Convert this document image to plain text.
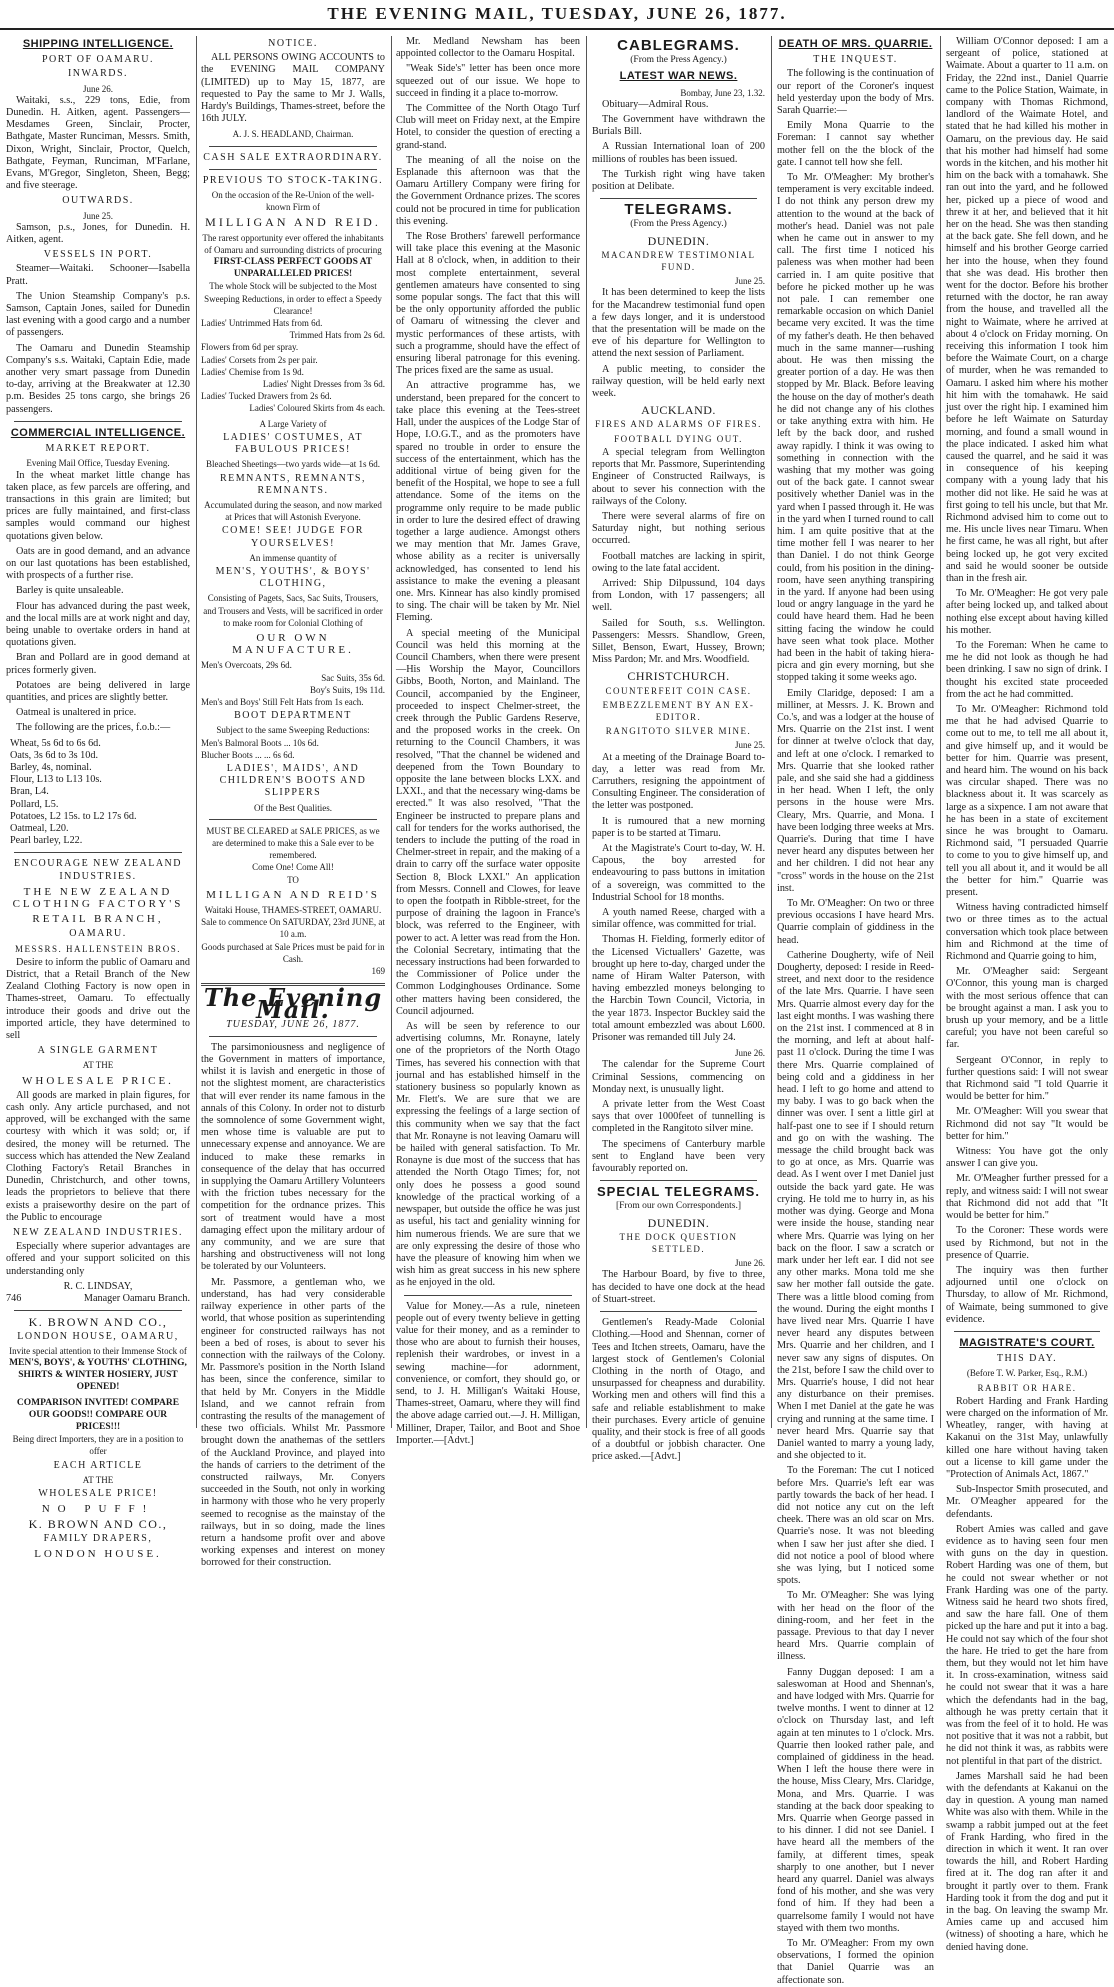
THE EVENING MAIL, TUESDAY, JUNE 26, 1877.
SHIPPING INTELLIGENCE.
PORT OF OAMARU.
INWARDS.
June 26.

Waitaki, s.s., 229 tons, Edie, from Dunedin. H. Aitken, agent. Passengers—Mesdames Green, Sinclair, Procter, Bathgate, Master Runciman, Messrs. Smith, Dixon, Wright, Sinclair, Proctor, Quelch, Bathgate, Feyman, Runciman, M'Farlane, Evans, M'Gregor, Singleton, Sheen, Begg; and five steerage.

OUTWARDS.
June 25.

Samson, p.s., Jones, for Dunedin. H. Aitken, agent.

VESSELS IN PORT.

Steamer—Waitaki. Schooner—Isabella Pratt.

The Union Steamship Company's p.s. Samson, Captain Jones, sailed for Dunedin last evening with a good cargo and a number of passengers.

The Oamaru and Dunedin Steamship Company's s.s. Waitaki, Captain Edie, made another very smart passage from Dunedin to-day, arriving at the Breakwater at 12.30 p.m. Besides 25 tons cargo, she brings 26 passengers.

COMMERCIAL INTELLIGENCE.
MARKET REPORT.
Evening Mail Office, Tuesday Evening.

In the wheat market little change has taken place, as few parcels are offering, and transactions in this grain are limited; but prices are fully maintained, and first-class samples would command our highest quotations given below.

Oats are in good demand, and an advance on our last quotations has been established, with prospects of a further rise.

Barley is quite unsaleable.

Flour has advanced during the past week, and the local mills are at work night and day, being unable to overtake orders in hand at quotations given.

Bran and Pollard are in good demand at prices formerly given.

Potatoes are being delivered in large quantities, and prices are slightly better.

Oatmeal is unaltered in price.

The following are the prices, f.o.b.:—

Wheat, 5s 6d to 6s 6d.
Oats, 3s 6d to 3s 10d.
Barley, 4s, nominal.
Flour, L13 to L13 10s.
Bran, L4.
Pollard, L5.
Potatoes, L2 15s. to L2 17s 6d.
Oatmeal, L20.
Pearl barley, L22.
ENCOURAGE NEW ZEALAND INDUSTRIES.
THE NEW ZEALAND CLOTHING FACTORY'S
RETAIL BRANCH,
OAMARU.
MESSRS. HALLENSTEIN BROS.

Desire to inform the public of Oamaru and District, that a Retail Branch of the New Zealand Clothing Factory is now open in Thames-street, Oamaru. To effectually introduce their goods and drive out the imported article, they have determined to sell

A SINGLE GARMENT
AT THE
WHOLESALE PRICE.

All goods are marked in plain figures, for cash only. Any article purchased, and not approved, will be exchanged with the same courtesy with which it was sold; or, if desired, the money will be returned. The success which has attended the New Zealand Clothing Factory's Retail Branches in Dunedin, Christchurch, and other towns, leads the proprietors to believe that there exists a praiseworthy desire on the part of the Public to encourage

NEW ZEALAND INDUSTRIES.

Especially where superior advantages are offered and your support solicited on this understanding only

R. C. LINDSAY,
746	Manager Oamaru Branch.
K. BROWN AND CO.,
LONDON HOUSE, OAMARU,
Invite special attention to their Immense Stock of
MEN'S, BOYS', & YOUTHS' CLOTHING, SHIRTS & WINTER HOSIERY, JUST OPENED!
COMPARISON INVITED! COMPARE OUR GOODS!! COMPARE OUR PRICES!!!
Being direct Importers, they are in a position to offer
EACH ARTICLE
AT THE
WHOLESALE PRICE!
NO PUFF!
K. BROWN AND CO.,
FAMILY DRAPERS,
LONDON HOUSE.
NOTICE.

ALL PERSONS OWING ACCOUNTS to the EVENING MAIL COMPANY (LIMITED) up to May 15, 1877, are requested to Pay the same to Mr J. Walls, Hardy's Buildings, Thames-street, before the 16th JULY.

A. J. S. HEADLAND, Chairman.
CASH SALE EXTRAORDINARY.
PREVIOUS TO STOCK-TAKING.
On the occasion of the Re-Union of the well-known Firm of
MILLIGAN AND REID.
The rarest opportunity ever offered the inhabitants of Oamaru and surrounding districts of procuring
FIRST-CLASS PERFECT GOODS AT UNPARALLELED PRICES!
The whole Stock will be subjected to the Most Sweeping Reductions, in order to effect a Speedy Clearance!
Ladies' Untrimmed Hats from 6d.
Trimmed Hats from 2s 6d.
Flowers from 6d per spray.
Ladies' Corsets from 2s per pair.
Ladies' Chemise from 1s 9d.
Ladies' Night Dresses from 3s 6d.
Ladies' Tucked Drawers from 2s 6d.
Ladies' Coloured Skirts from 4s each.
A Large Variety of
LADIES' COSTUMES, AT FABULOUS PRICES!
Bleached Sheetings—two yards wide—at 1s 6d.
REMNANTS, REMNANTS, REMNANTS.
Accumulated during the season, and now marked at Prices that will Astonish Everyone.
COME! SEE! JUDGE FOR YOURSELVES!
An immense quantity of
MEN'S, YOUTHS', & BOYS' CLOTHING,
Consisting of Pagets, Sacs, Sac Suits, Trousers, and Trousers and Vests, will be sacrificed in order to make room for Colonial Clothing of
OUR OWN MANUFACTURE.
Men's Overcoats, 29s 6d.
Sac Suits, 35s 6d.
Boy's Suits, 19s 11d.
Men's and Boys' Still Felt Hats from 1s each.
BOOT DEPARTMENT
Subject to the same Sweeping Reductions:
Men's Balmoral Boots ... 10s 6d.
Blucher Boots ... ... 6s 6d.
LADIES', MAIDS', AND CHILDREN'S BOOTS AND SLIPPERS
Of the Best Qualities.
MUST BE CLEARED at SALE PRICES, as we are determined to make this a Sale ever to be remembered.
Come One! Come All!
TO
MILLIGAN AND REID'S
Waitaki House, THAMES-STREET, OAMARU.
Sale to commence On SATURDAY, 23rd JUNE, at 10 a.m.
Goods purchased at Sale Prices must be paid for in Cash.
169
The Evening Mail.
TUESDAY, JUNE 26, 1877.

The parsimoniousness and negligence of the Government in matters of importance, whilst it is lavish and energetic in those of not the slightest moment, are characteristics that will ever render its name famous in the annals of this Colony. In order not to disturb the somnolence of some Government wight, men whose time is valuable are put to unnecessary expense and annoyance. We are induced to make these remarks in consequence of the delay that has occurred in supplying the Oamaru Artillery Volunteers with the friction tubes necessary for the competition for the ordnance prizes. This sort of treatment would have a most damaging effect upon the military ardour of any community, and we are sure that harshing and obstructiveness will not long be tolerated by our Volunteers.

Mr. Passmore, a gentleman who, we understand, has had very considerable railway experience in other parts of the world, that whose position as superintending engineer for constructed railways has not been a bed of roses, is about to sever his connection with the railways of the Colony. Mr. Passmore's position in the North Island has been, since the conference, similar to that held by Mr. Conyers in the Middle Island, and we cannot refrain from contrasting the results of the management of these two officials. Whilst Mr. Passmore brought down the anathemas of the settlers of the Auckland Province, and played into the hands of carriers to the detriment of the constructed railways, Mr. Conyers succeeded in the South, not only in working in harmony with those who he very properly seemed to recognise as the mainstay of the railways, but in so doing, made the lines return a handsome profit over and above working expenses and interest on money borrowed for their construction.

Mr. Medland Newsham has been appointed collector to the Oamaru Hospital.

"Weak Side's" letter has been once more squeezed out of our issue. We hope to succeed in finding it a place to-morrow.

The Committee of the North Otago Turf Club will meet on Friday next, at the Empire Hotel, to consider the question of erecting a grand-stand.

The meaning of all the noise on the Esplanade this afternoon was that the Oamaru Artillery Company were firing for the Government Ordnance prizes. The scores could not be procured in time for publication this evening.

The Rose Brothers' farewell performance will take place this evening at the Masonic Hall at 8 o'clock, when, in addition to their most complete entertainment, several gentlemen amateurs have consented to sing some popular songs. The fact that this will be the only opportunity afforded the public of Oamaru of witnessing the clever and mystic performances of these artists, with such a programme, should have the effect of ensuring liberal patronage for this evening. The prices fixed are the same as usual.

An attractive programme has, we understand, been prepared for the concert to take place this evening at the Tees-street Hall, under the auspices of the Lodge Star of Hope, I.O.G.T., and as the promoters have spared no trouble in order to ensure the success of the entertainment, which has the additional virtue of being given for the benefit of the Hospital, we hope to see a full attendance. Some of the items on the programme only require to be made public in order to lure the desired effect of drawing together a large audience. Amongst others we may mention that Mr. James Grave, whose ability as a reciter is universally acknowledged, has consented to lend his assistance to make the evening a pleasant one. Mrs. Kinnear has also kindly promised to sing. The chair will be taken by Mr. Niel Fleming.

A special meeting of the Municipal Council was held this morning at the Council Chambers, when there were present—His Worship the Mayor, Councillors Gibbs, Booth, Norton, and Mainland. The Council, accompanied by the Engineer, proceeded to inspect Chelmer-street, the creek through the Public Gardens Reserve, and the proposed works in the creek. On returning to the Council Chambers, it was resolved, "That the channel be widened and deepened from the Town Boundary to opposite the lane between blocks LXX. and LXXI., and that the necessary wing-dams be erected." It was also resolved, "That the Engineer be instructed to prepare plans and call for tenders for the works authorised, the tenders to include the putting of the road in Chelmer-street in repair, and the making of a drain to carry off the surface water opposite Section 8, Block LXXI." An application from Messrs. Connell and Clowes, for leave to open the footpath in Ribble-street, for the purpose of draining the lagoon in France's block, was referred to the Engineer, with power to act. A letter was read from the Hon. the Colonial Secretary, intimating that the necessary instructions had been forwarded to the Commissioner of Police under the Common Lodginghouses Ordinance. Some other matters having been considered, the Council adjourned.

As will be seen by reference to our advertising columns, Mr. Ronayne, lately one of the proprietors of the North Otago Times, has severed his connection with that journal and has established himself in the stationery business so popularly known as Mr. Flett's. We are sure that we are expressing the feelings of a large section of this community when we say that the fact that Mr. Ronayne is not leaving Oamaru will be hailed with general satisfaction. To Mr. Ronayne is due most of the success that has attended the North Otago Times; for, not only does he possess a good sound knowledge of the practical working of a newspaper, but outside the office he was just as useful, his tact and geniality winning for him numerous friends. We are sure that we are only expressing the desire of those who have the pleasure of knowing him when we wish him as great success in his new sphere as he enjoyed in the old.

Value for Money.—As a rule, nineteen people out of every twenty believe in getting value for their money, and as a reminder to those who are about to furnish their houses, replenish their wardrobes, or invest in a sewing machine—for adornment, convenience, or comfort, they should go, or send, to J. H. Milligan's Waitaki House, Thames-street, Oamaru, where they will find the above adage carried out.—J. H. Milligan, Milliner, Draper, Tailor, and Boot and Shoe Importer.—[Advt.]

CABLEGRAMS.
(From the Press Agency.)
LATEST WAR NEWS.
Bombay, June 23, 1.32.

Obituary—Admiral Rous.

The Government have withdrawn the Burials Bill.

A Russian International loan of 200 millions of roubles has been issued.

The Turkish right wing have taken position at Delibate.

TELEGRAMS.
(From the Press Agency.)
DUNEDIN.
MACANDREW TESTIMONIAL FUND.
June 25.

It has been determined to keep the lists for the Macandrew testimonial fund open a few days longer, and it is understood that the presentation will be made on the eve of his departure for Wellington to attend the next session of Parliament.

A public meeting, to consider the railway question, will be held early next week.

AUCKLAND.
FIRES AND ALARMS OF FIRES.
FOOTBALL DYING OUT.

A special telegram from Wellington reports that Mr. Passmore, Superintending Engineer of Constructed Railways, is about to sever his connection with the railways of the Colony.

There were several alarms of fire on Saturday night, but nothing serious occurred.

Football matches are lacking in spirit, owing to the late fatal accident.

Arrived: Ship Dilpussund, 104 days from London, with 17 passengers; all well.

Sailed for South, s.s. Wellington. Passengers: Messrs. Shandlow, Green, Sillet, Benson, Ewart, Hussey, Brown; Miss Pardon; Mr. and Mrs. Woodfield.

CHRISTCHURCH.
COUNTERFEIT COIN CASE.
EMBEZZLEMENT BY AN EX-EDITOR.
RANGITOTO SILVER MINE.
June 25.

At a meeting of the Drainage Board to-day, a letter was read from Mr. Carruthers, resigning the appointment of Consulting Engineer. The consideration of the letter was postponed.

It is rumoured that a new morning paper is to be started at Timaru.

At the Magistrate's Court to-day, W. H. Capous, the boy arrested for endeavouring to pass buttons in imitation of a sovereign, was committed to the Industrial School for 18 months.

A youth named Reese, charged with a similar offence, was committed for trial.

Thomas H. Fielding, formerly editor of the Licensed Victuallers' Gazette, was brought up here to-day, charged under the name of Hiram Walter Paterson, with having embezzled moneys belonging to the Harcbin Town Council, Victoria, in the year 1873. Inspector Buckley said the total amount embezzled was about L600. Prisoner was remanded till July 24.

June 26.

The calendar for the Supreme Court Criminal Sessions, commencing on Monday next, is unusually light.

A private letter from the West Coast says that over 1000feet of tunnelling is completed in the Rangitoto silver mine.

The specimens of Canterbury marble sent to England have been very favourably reported on.

SPECIAL TELEGRAMS.
[From our own Correspondents.]
DUNEDIN.
THE DOCK QUESTION SETTLED.
June 26.

The Harbour Board, by five to three, has decided to have one dock at the head of Stuart-street.

Gentlemen's Ready-Made Colonial Clothing.—Hood and Shennan, corner of Tees and Itchen streets, Oamaru, have the largest stock of Gentlemen's Colonial Clothing in the north of Otago, and unsurpassed for cheapness and durability. Working men and others will find this a safe and reliable establishment to make their purchases. Every article of genuine quality, and their stock is free of all goods of a doubtful or jobbish character. One price asked.—[Advt.]

DEATH OF MRS. QUARRIE.
THE INQUEST.

The following is the continuation of our report of the Coroner's inquest held yesterday upon the body of Mrs. Sarah Quarrie:—

Emily Mona Quarrie to the Foreman: I cannot say whether mother fell on the the block of the gate. I cannot tell how she fell.

To Mr. O'Meagher: My brother's temperament is very excitable indeed. I do not think any person drew my attention to the wound at the back of mother's head. Daniel was not pale when he came out in answer to my call. The first time I noticed his paleness was when mother had been carried in. I am quite positive that before he picked mother up he was not pale. I can remember one remarkable occasion on which Daniel became very excited. It was the time of my father's death. He then behaved much in the same manner—rushing about. He was then missing the greater portion of a day. He was then stopped by Mr. Black. Before leaving the house on the day of mother's death he did not change any of his clothes or take anything extra with him. He left by the back door, and rushed away rapidly. I think it was owing to something in connection with the washing that my mother was going out of the back gate. I cannot swear positively whether Daniel was in the yard when I passed through it. He was in the yard when I turned round to call him. I am quite positive that at the time mother fell I was nearer to her than Daniel. I do not think George could, from his position in the dining-room, have seen anything transpiring in the yard. If anyone had been using loud or angry language in the yard he could have heard them. Had he been sitting facing the window he could have seen what took place. Mother had been in the habit of taking hiera-picra and gin every morning, but she stopped taking it some weeks ago.

Emily Claridge, deposed: I am a milliner, at Messrs. J. K. Brown and Co.'s, and was a lodger at the house of Mrs. Quarrie on the 21st inst. I went for dinner at twelve o'clock that day, and left at one o'clock. I remarked to Mrs. Quarrie that she looked rather pale, and she said she had a giddiness in her head. When I left, the only persons in the house were Mrs. Cleary, Mrs. Quarrie, and Mona. I have been lodging three weeks at Mrs. Quarrie's. During that time I have never heard any disputes between her and her children. I did not hear any "cross" words in the house on the 21st inst.

To Mr. O'Meagher: On two or three previous occasions I have heard Mrs. Quarrie complain of giddiness in the head.

Catherine Dougherty, wife of Neil Dougherty, deposed: I reside in Reed-street, and next door to the residence of the late Mrs. Quarrie. I have seen Mrs. Quarrie almost every day for the last eight months. I was washing there on the 21st inst. I commenced at 8 in the morning, and left at about half-past 11 o'clock. During the time I was there Mrs. Quarrie complained of being cold and a giddiness in her head. I left to go home and attend to my baby. I was to go back when the dinner was over. I sent a little girl at half-past one to see if I should return and go on with the washing. The message the child brought back was to go at once, as Mrs. Quarrie was dead. As I went over I met Daniel just outside the back yard gate. He was crying. He told me to hurry in, as his mother was dying. George and Mona were inside the house, standing near where Mrs. Quarrie was lying on her back on the floor. I saw a scratch or mark under her left ear. I did not see any other marks. Mona told me she saw her mother fall outside the gate. There was a little blood coming from the wound. During the eight months I have lived near Mrs. Quarrie I have never heard any disputes between Mrs. Quarrie and her children, and I never saw any signs of disputes. On the 21st, before I saw the child over to Mrs. Quarrie's house, I did not hear any disturbance on their premises. When I met Daniel at the gate he was crying and running at the same time. I never heard Mrs. Quarrie say that Daniel wanted to marry a young lady, and she objected to it.

To the Foreman: The cut I noticed before Mrs. Quarrie's left ear was partly towards the back of her head. I did not notice any cut on the left cheek. There was an old scar on Mrs. Quarrie's nose. It was not bleeding when I saw her just after she died. I did not notice a pool of blood where she was lying, but I noticed some spots.

To Mr. O'Meagher: She was lying with her head on the floor of the dining-room, and her feet in the passage. Previous to that day I never heard Mrs. Quarrie complain of illness.

Fanny Duggan deposed: I am a saleswoman at Hood and Shennan's, and have lodged with Mrs. Quarrie for twelve months. I went to dinner at 12 o'clock on Thursday last, and left again at ten minutes to 1 o'clock. Mrs. Quarrie then looked rather pale, and complained of giddiness in the head. When I left the house there were in the house, Miss Cleary, Mrs. Claridge, Mona, and Mrs. Quarrie. I was standing at the back door speaking to Mrs. Quarrie when George passed in to his dinner. I did not see Daniel. I have heard all the members of the family, at different times, speak sharply to one another, but I never heard any quarrel. Daniel was always fond of his mother, and she was very fond of him. If they had been a quarrelsome family I would not have stayed with them two months.

To Mr. O'Meagher: From my own observations, I formed the opinion that Daniel Quarrie was an affectionate son.

William O'Connor deposed: I am a sergeant of police, stationed at Waimate. About a quarter to 11 a.m. on Friday, the 22nd inst., Daniel Quarrie came to the Police Station, Waimate, in company with Thomas Richmond, landlord of the Waimate Hotel, and stated that he had killed his mother in Oamaru, on the previous day. He said that his mother had himself had some words in the kitchen, and his mother hit him on the back with a tomahawk. She ran out into the yard, and he followed her, picked up a piece of wood and threw it at her, and believed that it hit her on the head. She was then standing at the back gate. She fell down, and he himself and his brother George carried her into the house, when they found that she was dead. His brother then went for the doctor. Before his brother returned with the doctor, he ran away from the house, and travelled all the night to Waimate, where he arrived at about 4 o'clock on Friday morning. On receiving this information I took him before the Waimate Court, on a charge of murder, when he was remanded to Oamaru. I asked him where his mother hit him with the tomahawk. He said just over the right hip. I examined him before he left Waimate on Saturday morning, and found a small wound in the place indicated. I asked him what caused the quarrel, and he said it was in consequence of his keeping company with a young lady that his mother did not like. He said he was at first going to tell his uncle, but that Mr. Richmond advised him to come out to me. His uncle lives near Timaru. When he first came, he was all right, but after being locked up, he got very excited and said he would sooner be outside than in the fresh air.

To Mr. O'Meagher: He got very pale after being locked up, and talked about nothing else except about having killed his mother.

To the Foreman: When he came to me he did not look as though he had been drinking. I saw no sign of drink. I thought his excited state proceeded from the act he had committed.

To Mr. O'Meagher: Richmond told me that he had advised Quarrie to come out to me, to tell me all about it, and give himself up, and it would be better for him. Quarrie was present, and heard him. The wound on his back was circular shaped. There was no blackness about it. It was scarcely as large as a sixpence. I am not aware that he has been in a state of excitement since he was brought to Oamaru. Richmond said, "I persuaded Quarrie to come to you to give himself up, and tell you all about it, and it would be all the better for him." Quarrie was present.

Witness having contradicted himself two or three times as to the actual conversation which took place between him and Richmond at the time of Richmond and Quarrie going to him,

Mr. O'Meagher said: Sergeant O'Connor, this young man is charged with the most serious offence that can be brought against a man. I ask you to brush up your memory, and be a little careful; you have not been careful so far.

Sergeant O'Connor, in reply to further questions said: I will not swear that Richmond said "I told Quarrie it would be better for him."

Mr. O'Meagher: Will you swear that Richmond did not say "It would be better for him."

Witness: You have got the only answer I can give you.

Mr. O'Meagher further pressed for a reply, and witness said: I will not swear that Richmond did not add that "It would be better for him."

To the Coroner: These words were used by Richmond, but not in the presence of Quarrie.

The inquiry was then further adjourned until one o'clock on Thursday, to allow of Mr. Richmond, of Waimate, being summoned to give evidence.

MAGISTRATE'S COURT.
THIS DAY.
(Before T. W. Parker, Esq., R.M.)
RABBIT OR HARE.

Robert Harding and Frank Harding were charged on the information of Mr. Wheatley, ranger, with having at Kakanui on the 31st May, unlawfully killed one hare without having taken out a license to kill game under the "Protection of Animals Act, 1867."

Sub-Inspector Smith prosecuted, and Mr. O'Meagher appeared for the defendants.

Robert Amies was called and gave evidence as to having seen four men with guns on the day in question. Robert Harding was one of them, but he could not swear whether or not Frank Harding was one of the party. Witness said he heard two shots fired, and saw the hare fall. One of them picked up the hare and put it into a bag. He could not say which of the four shot the hare. He tried to get the hare from them, but they would not let him have it. In cross-examination, witness said he could not swear that it was a hare which the defendants had in the bag, although he was pretty certain that it was from the feel of it to hold. He was not positive that it was not a rabbit, but he did not think it was, as rabbits were not plentiful in that part of the district.

James Marshall said he had been with the defendants at Kakanui on the day in question. A young man named White was also with them. While in the swamp a rabbit jumped out at the feet of Frank Harding, who fired in the direction in which it went. It ran over towards the hill, and Robert Harding fired at it. The dog ran after it and brought it partly over to them. Frank Harding took it from the dog and put it in the bag. On leaving the swamp Mr. Amies came up and accused him (witness) of shooting a hare, which he denied having done.
